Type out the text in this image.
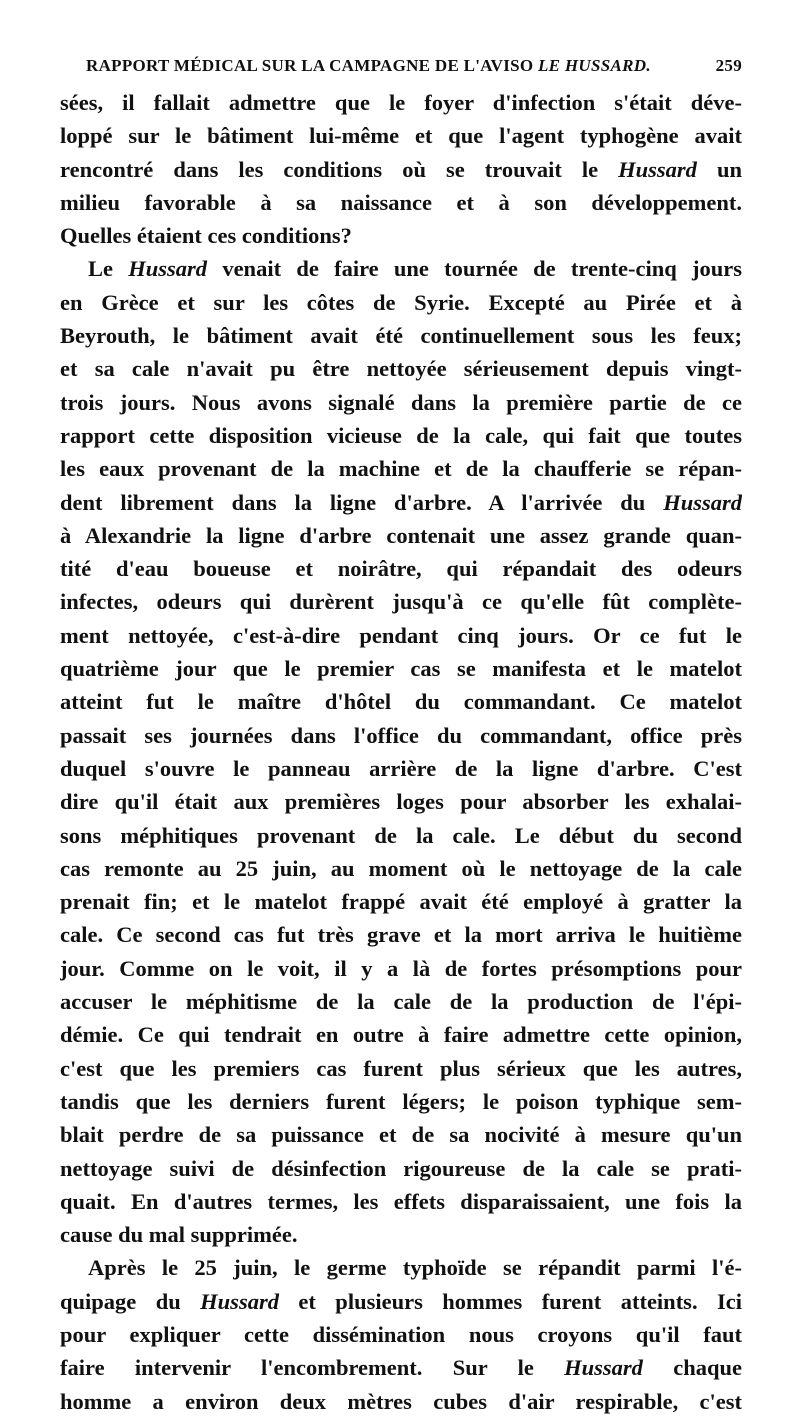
RAPPORT MÉDICAL SUR LA CAMPAGNE DE L'AVISO LE HUSSARD.	259
sées, il fallait admettre que le foyer d'infection s'était déve-
loppé sur le bâtiment lui-même et que l'agent typhogène avait
rencontré dans les conditions où se trouvait le Hussard un
milieu favorable à sa naissance et à son développement.
Quelles étaient ces conditions?
Le Hussard venait de faire une tournée de trente-cinq jours
en Grèce et sur les côtes de Syrie. Excepté au Pirée et à
Beyrouth, le bâtiment avait été continuellement sous les feux;
et sa cale n'avait pu être nettoyée sérieusement depuis vingt-
trois jours. Nous avons signalé dans la première partie de ce
rapport cette disposition vicieuse de la cale, qui fait que toutes
les eaux provenant de la machine et de la chaufferie se répan-
dent librement dans la ligne d'arbre. A l'arrivée du Hussard
à Alexandrie la ligne d'arbre contenait une assez grande quan-
tité d'eau boueuse et noirâtre, qui répandait des odeurs
infectes, odeurs qui durèrent jusqu'à ce qu'elle fût complète-
ment nettoyée, c'est-à-dire pendant cinq jours. Or ce fut le
quatrième jour que le premier cas se manifesta et le matelot
atteint fut le maître d'hôtel du commandant. Ce matelot
passait ses journées dans l'office du commandant, office près
duquel s'ouvre le panneau arrière de la ligne d'arbre. C'est
dire qu'il était aux premières loges pour absorber les exhalai-
sons méphitiques provenant de la cale. Le début du second
cas remonte au 25 juin, au moment où le nettoyage de la cale
prenait fin; et le matelot frappé avait été employé à gratter la
cale. Ce second cas fut très grave et la mort arriva le huitième
jour. Comme on le voit, il y a là de fortes présomptions pour
accuser le méphitisme de la cale de la production de l'épi-
démie. Ce qui tendrait en outre à faire admettre cette opinion,
c'est que les premiers cas furent plus sérieux que les autres,
tandis que les derniers furent légers; le poison typhique sem-
blait perdre de sa puissance et de sa nocivité à mesure qu'un
nettoyage suivi de désinfection rigoureuse de la cale se prati-
quait. En d'autres termes, les effets disparaissaient, une fois la
cause du mal supprimée.
Après le 25 juin, le germe typhoïde se répandit parmi l'é-
quipage du Hussard et plusieurs hommes furent atteints. Ici
pour expliquer cette dissémination nous croyons qu'il faut
faire intervenir l'encombrement. Sur le Hussard chaque
homme a environ deux mètres cubes d'air respirable, c'est
